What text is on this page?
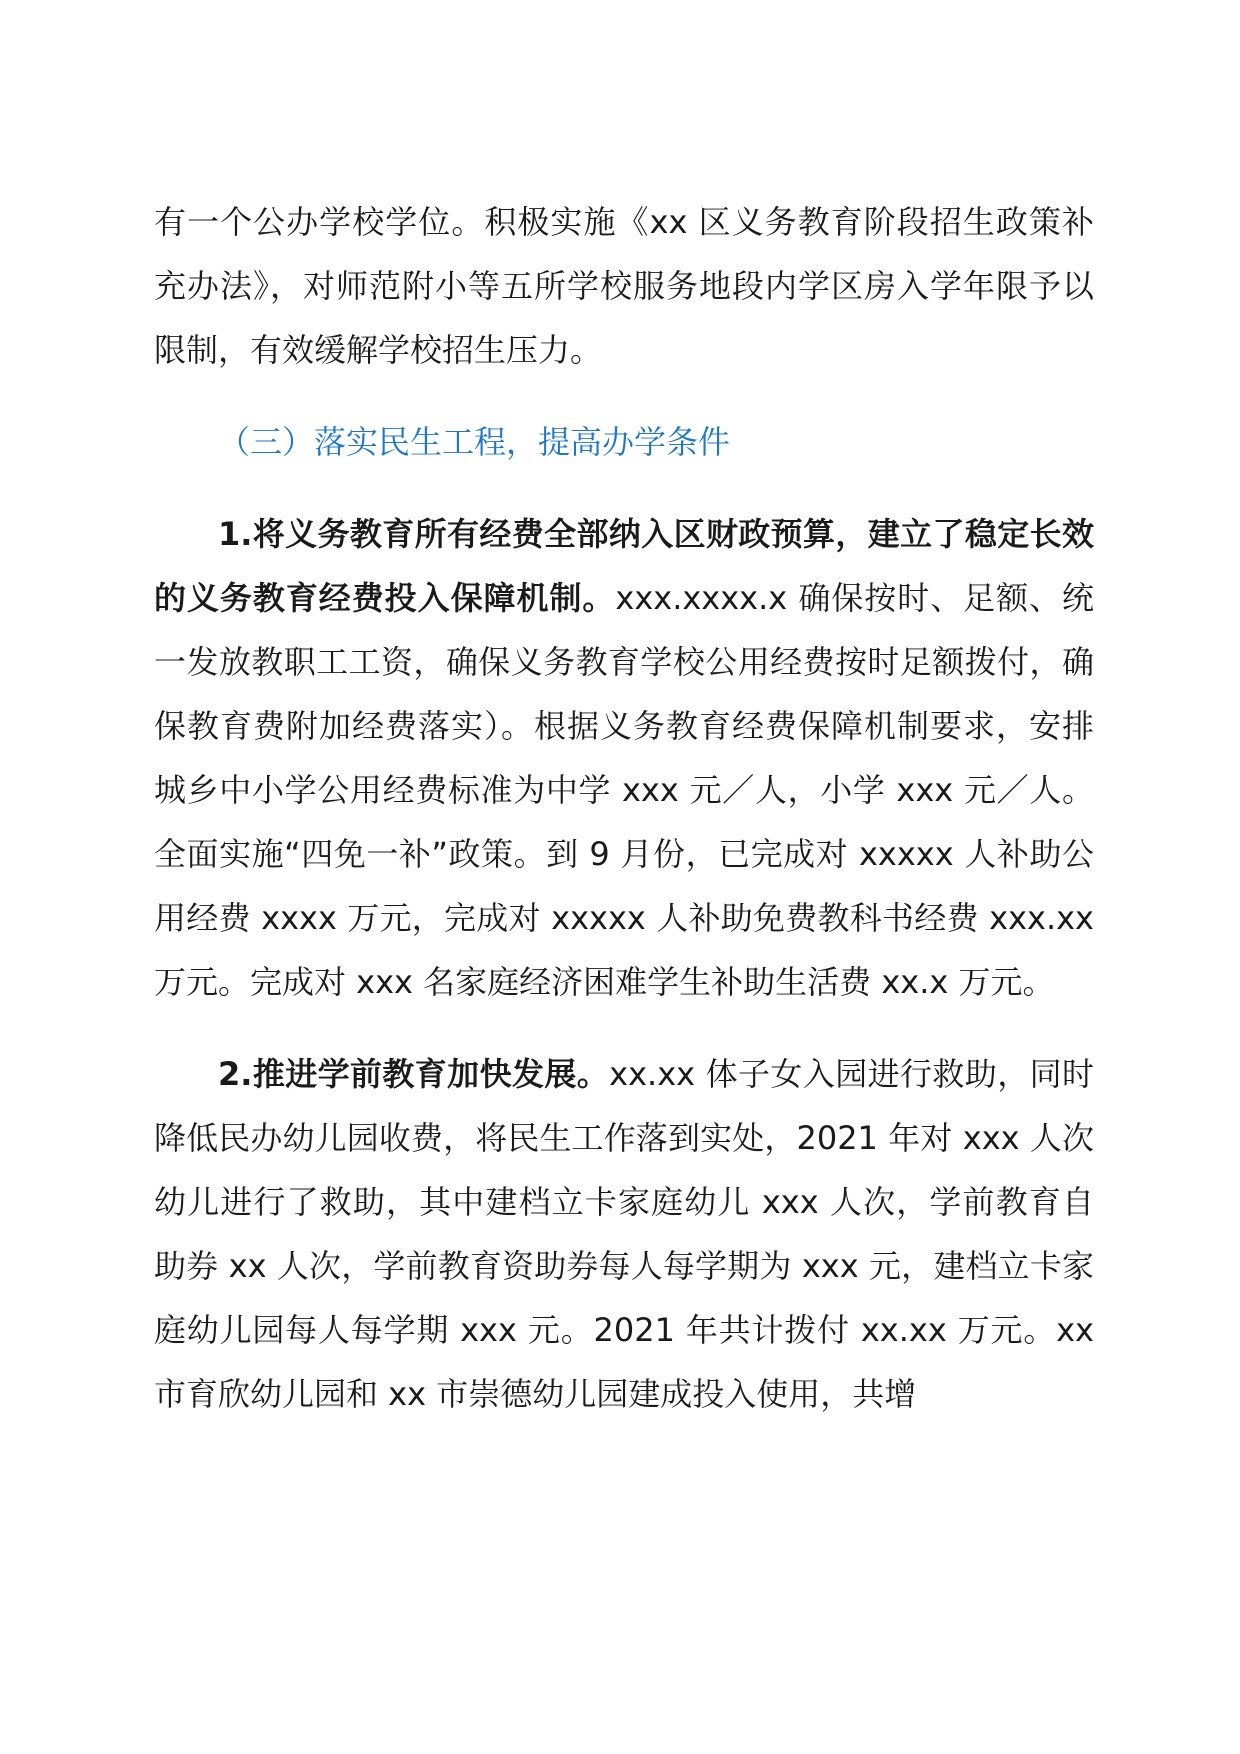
有一个公办学校学位。积极实施《xx 区义务教育阶段招生政策补充办法》，对师范附小等五所学校服务地段内学区房入学年限予以限制，有效缓解学校招生压力。

（三）落实民生工程，提高办学条件

1.将义务教育所有经费全部纳入区财政预算，建立了稳定长效的义务教育经费投入保障机制。xxx.xxxx.x 确保按时、足额、统一发放教职工工资，确保义务教育学校公用经费按时足额拨付，确保教育费附加经费落实）。根据义务教育经费保障机制要求，安排城乡中小学公用经费标准为中学 xxx 元／人，小学 xxx 元／人。全面实施“四免一补”政策。到 9 月份，已完成对 xxxxx 人补助公用经费 xxxx 万元，完成对 xxxxx 人补助免费教科书经费 xxx.xx 万元。完成对 xxx 名家庭经济困难学生补助生活费 xx.x 万元。

2.推进学前教育加快发展。xx.xx 体子女入园进行救助，同时降低民办幼儿园收费，将民生工作落到实处，2021 年对 xxx 人次幼儿进行了救助，其中建档立卡家庭幼儿 xxx 人次，学前教育自助券 xx 人次，学前教育资助券每人每学期为 xxx 元，建档立卡家庭幼儿园每人每学期 xxx 元。2021 年共计拨付 xx.xx 万元。xx 市育欣幼儿园和 xx 市崇德幼儿园建成投入使用，共增
